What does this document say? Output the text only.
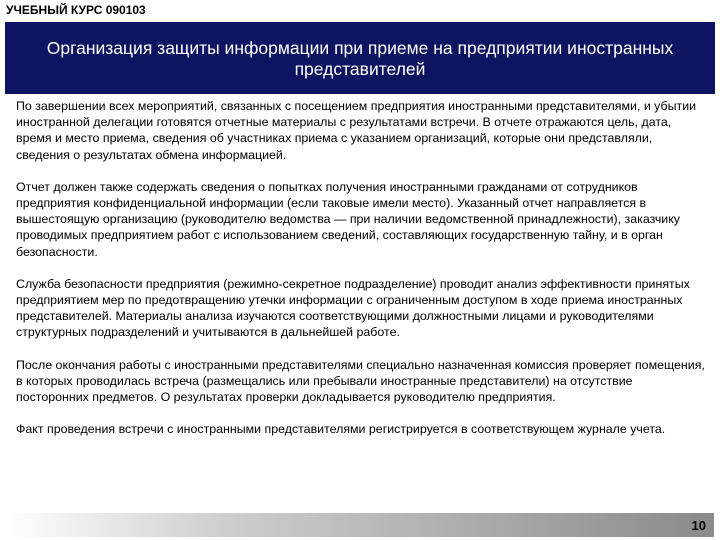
УЧЕБНЫЙ КУРС 090103
Организация защиты информации при приеме на предприятии иностранных
представителей

По завершении всех мероприятий, связанных с посещением предприятия иностранными представителями, и убытии иностранной делегации готовятся отчетные материалы с результатами встречи. В отчете отражаются цель, дата, время и место приема, сведения об участниках приема с указанием организаций, которые они представляли, сведения о результатах обмена информацией.

Отчет должен также содержать сведения о попытках получения иностранными гражданами от сотрудников предприятия конфиденциальной информации (если таковые имели место). Указанный отчет направляется в вышестоящую организацию (руководителю ведомства — при наличии ведомственной принадлежности), заказчику проводимых предприятием работ с использованием сведений, составляющих государственную тайну, и в орган безопасности.

Служба безопасности предприятия (режимно-секретное подразделение) проводит анализ эффективности принятых предприятием мер по предотвращению утечки информации с ограниченным доступом в ходе приема иностранных представителей. Материалы анализа изучаются соответствующими должностными лицами и руководителями структурных подразделений и учитываются в дальнейшей работе.

После окончания работы с иностранными представителями специально назначенная комиссия проверяет помещения, в которых проводилась встреча (размещались или пребывали иностранные представители) на отсутствие посторонних предметов. О результатах проверки докладывается руководителю предприятия.

Факт проведения встречи с иностранными представителями регистрируется в соответствующем журнале учета.

10
